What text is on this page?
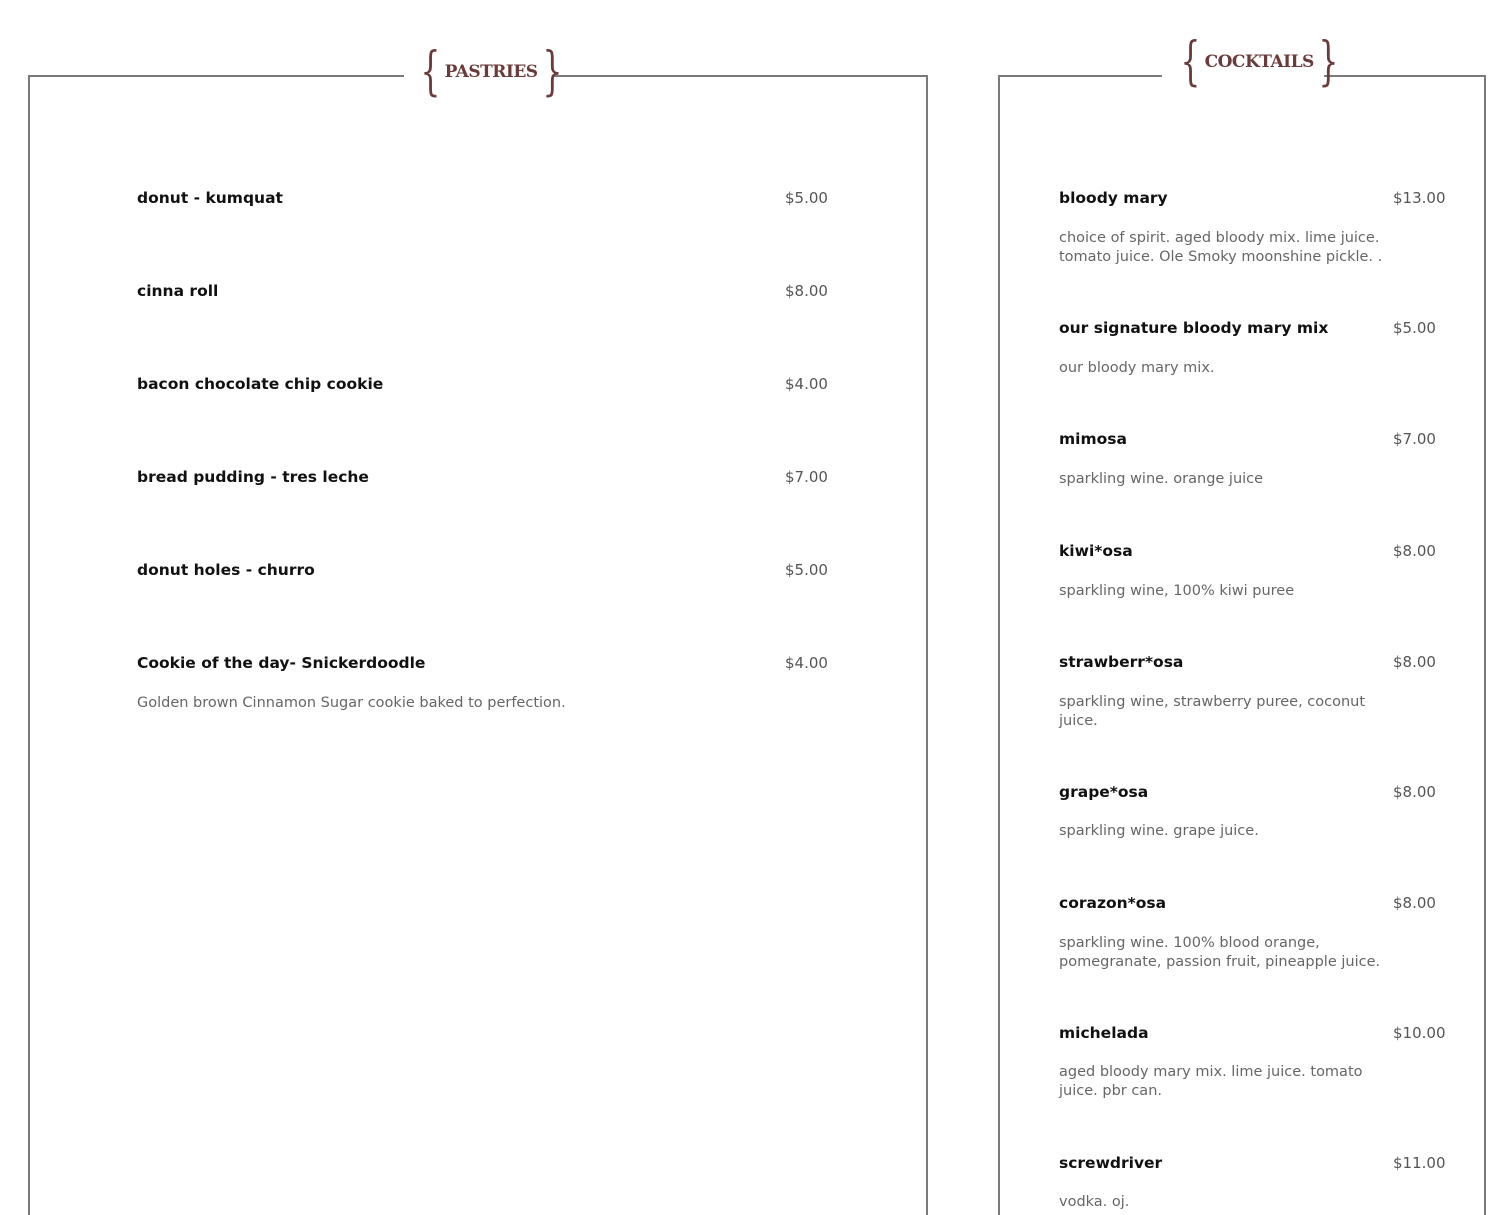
{ PASTRIES }
donut - kumquat	$5.00
cinna roll	$8.00
bacon chocolate chip cookie	$4.00
bread pudding - tres leche	$7.00
donut holes - churro	$5.00
Cookie of the day- Snickerdoodle	$4.00
Golden brown Cinnamon Sugar cookie baked to perfection.
{ COCKTAILS }
bloody mary	$13.00
choice of spirit. aged bloody mix. lime juice. tomato juice. Ole Smoky moonshine pickle. .
our signature bloody mary mix	$5.00
our bloody mary mix.
mimosa	$7.00
sparkling wine. orange juice
kiwi*osa	$8.00
sparkling wine, 100% kiwi puree
strawberr*osa	$8.00
sparkling wine, strawberry puree, coconut juice.
grape*osa	$8.00
sparkling wine. grape juice.
corazon*osa	$8.00
sparkling wine. 100% blood orange, pomegranate, passion fruit, pineapple juice.
michelada	$10.00
aged bloody mary mix. lime juice. tomato juice. pbr can.
screwdriver	$11.00
vodka. oj.
